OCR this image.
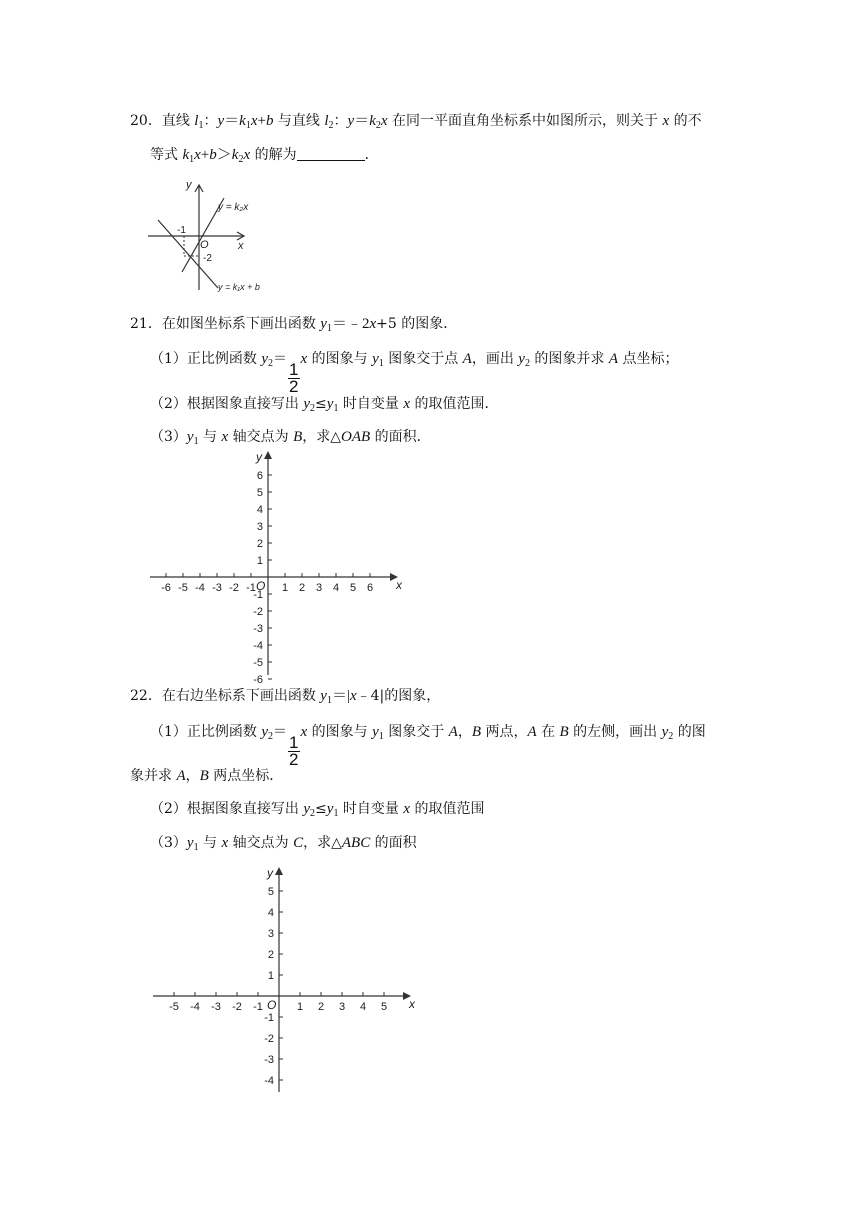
20．直线 $l_1$：$y=k_1x+b$ 与直线 $l_2$：$y=k_2x$ 在同一平面直角坐标系中如图所示，则关于 x 的不
等式 $k_1x+b>k_2x$ 的解为	．
y
x
O
-1
-2
y = k₂x
y = k₁x + b
21．在如图坐标系下画出函数 $y_1=﹣2x+5$ 的图象．
（1）正比例函数 $y_2=$
$\frac{1}{2}$
x 的图象与 $y_1$ 图象交于点 A，画出 $y_2$ 的图象并求 A 点坐标；
（2）根据图象直接写出 $y_2\le y_1$ 时自变量 x 的取值范围．
$(3)y_1$ 与 x 轴交点为 B，求△OAB 的面积．
-6 -5 -4 -3 -2 -1 1 2 3 4 5 6
6
5
4
3
2
1
-1
-2
-3
-4
-5
-6
y
x
O
22．在右边坐标系下画出函数 $y_1=|x﹣4|$的图象，
（1）正比例函数 $y_2=$
$\frac{1}{2}$
x 的图象与 $y_1$ 图象交于 A，B 两点，A 在 B 的左侧，画出 $y_2$ 的图
象并求 A，B 两点坐标．
（2）根据图象直接写出 $y_2\le y_1$ 时自变量 x 的取值范围
$(3)y_1$ 与 x 轴交点为 C，求△ABC 的面积
-5 -4 -3 -2 -1	1 2 3 4 5
5
4
3
2
1
-1
-2
-3
-4
y
x
O
